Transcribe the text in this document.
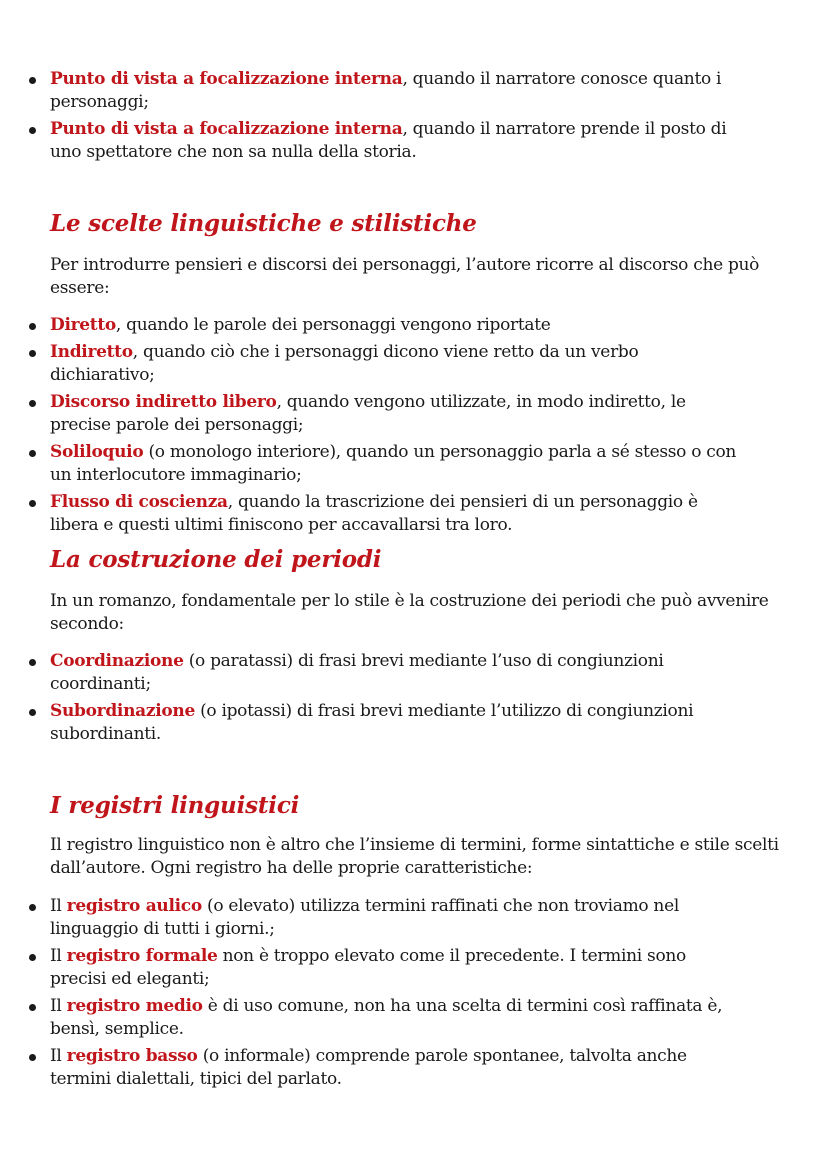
Punto di vista a focalizzazione interna, quando il narratore conosce quanto i personaggi;
Punto di vista a focalizzazione interna, quando il narratore prende il posto di uno spettatore che non sa nulla della storia.
Le scelte linguistiche e stilistiche

Per introdurre pensieri e discorsi dei personaggi, l’autore ricorre al discorso che può essere:

Diretto, quando le parole dei personaggi vengono riportate
Indiretto, quando ciò che i personaggi dicono viene retto da un verbo dichiarativo;
Discorso indiretto libero, quando vengono utilizzate, in modo indiretto, le precise parole dei personaggi;
Soliloquio (o monologo interiore), quando un personaggio parla a sé stesso o con un interlocutore immaginario;
Flusso di coscienza, quando la trascrizione dei pensieri di un personaggio è libera e questi ultimi finiscono per accavallarsi tra loro.
La costruzione dei periodi

In un romanzo, fondamentale per lo stile è la costruzione dei periodi che può avvenire secondo:

Coordinazione (o paratassi) di frasi brevi mediante l’uso di congiunzioni coordinanti;
Subordinazione (o ipotassi) di frasi brevi mediante l’utilizzo di congiunzioni subordinanti.
I registri linguistici

Il registro linguistico non è altro che l’insieme di termini, forme sintattiche e stile scelti dall’autore. Ogni registro ha delle proprie caratteristiche:

Il registro aulico (o elevato) utilizza termini raffinati che non troviamo nel linguaggio di tutti i giorni.;
Il registro formale non è troppo elevato come il precedente. I termini sono precisi ed eleganti;
Il registro medio è di uso comune, non ha una scelta di termini così raffinata è, bensì, semplice.
Il registro basso (o informale) comprende parole spontanee, talvolta anche termini dialettali, tipici del parlato.
